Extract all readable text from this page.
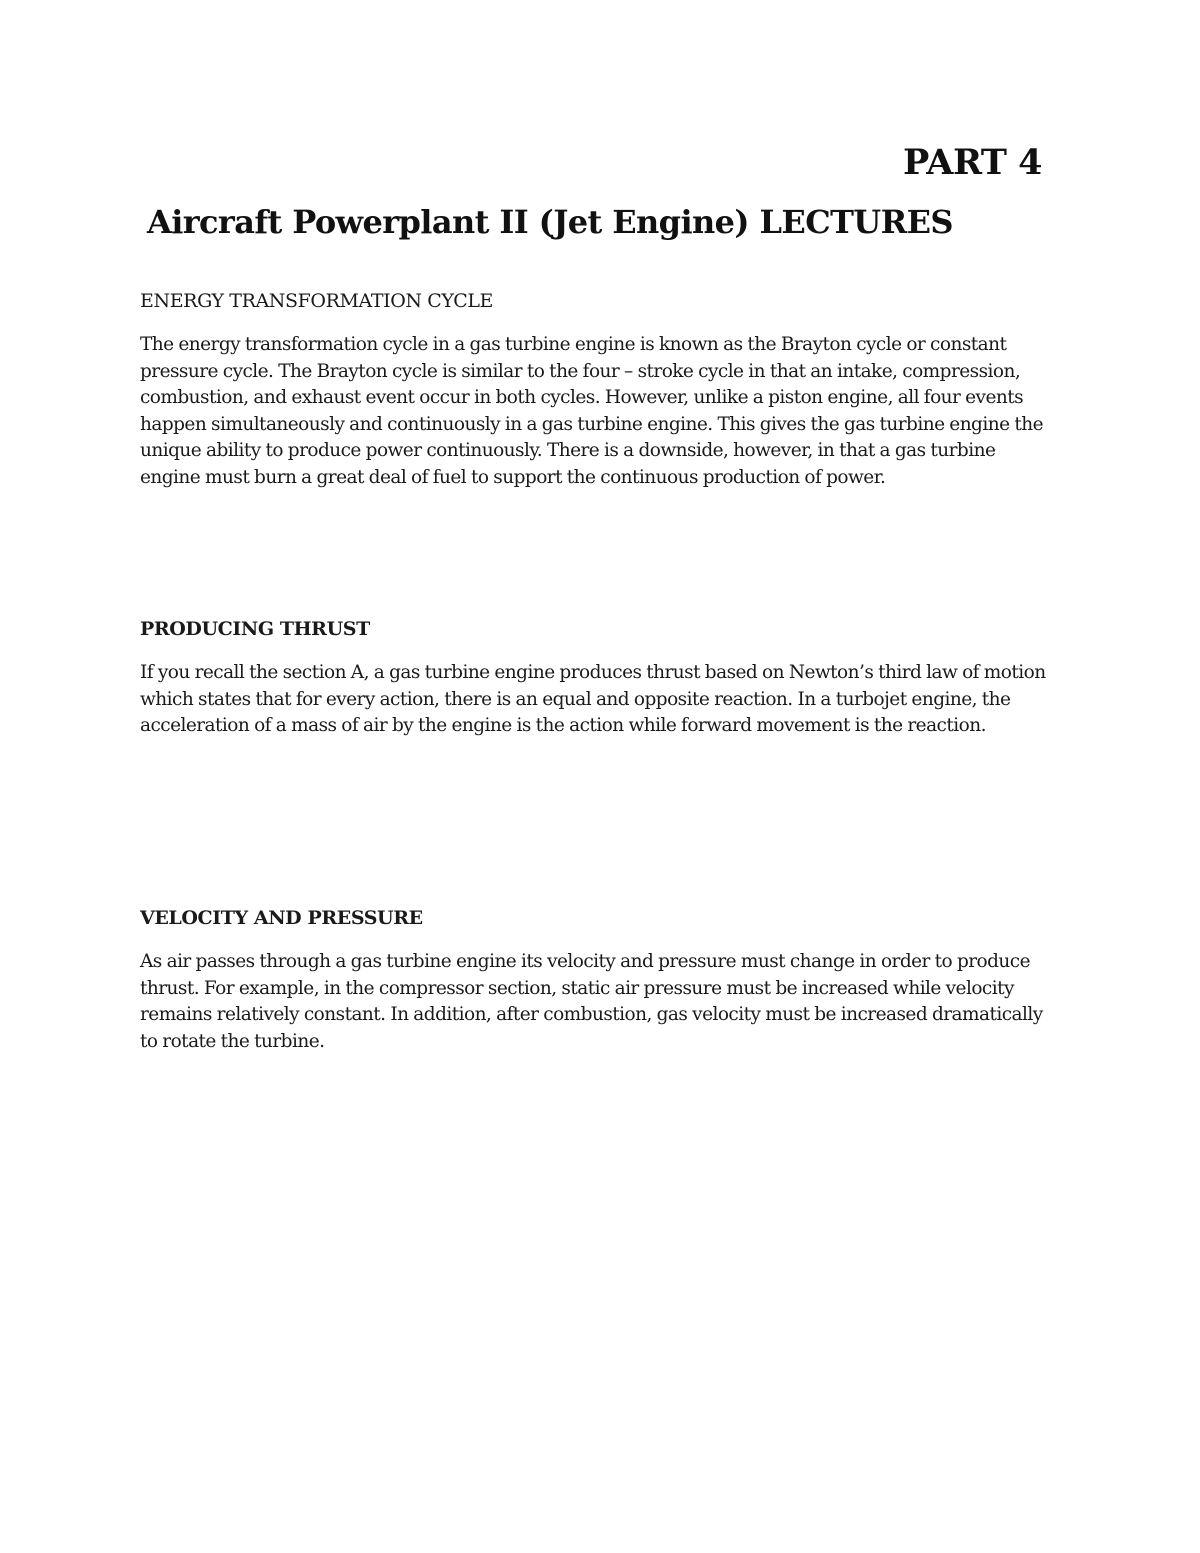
PART 4
Aircraft Powerplant II (Jet Engine) LECTURES
ENERGY TRANSFORMATION CYCLE

The energy transformation cycle in a gas turbine engine is known as the Brayton cycle or constant pressure cycle. The Brayton cycle is similar to the four – stroke cycle in that an intake, compression, combustion, and exhaust event occur in both cycles. However, unlike a piston engine, all four events happen simultaneously and continuously in a gas turbine engine. This gives the gas turbine engine the unique ability to produce power continuously. There is a downside, however, in that a gas turbine engine must burn a great deal of fuel to support the continuous production of power.

PRODUCING THRUST

If you recall the section A, a gas turbine engine produces thrust based on Newton’s third law of motion which states that for every action, there is an equal and opposite reaction. In a turbojet engine, the acceleration of a mass of air by the engine is the action while forward movement is the reaction.

VELOCITY AND PRESSURE

As air passes through a gas turbine engine its velocity and pressure must change in order to produce thrust. For example, in the compressor section, static air pressure must be increased while velocity remains relatively constant. In addition, after combustion, gas velocity must be increased dramatically to rotate the turbine.
